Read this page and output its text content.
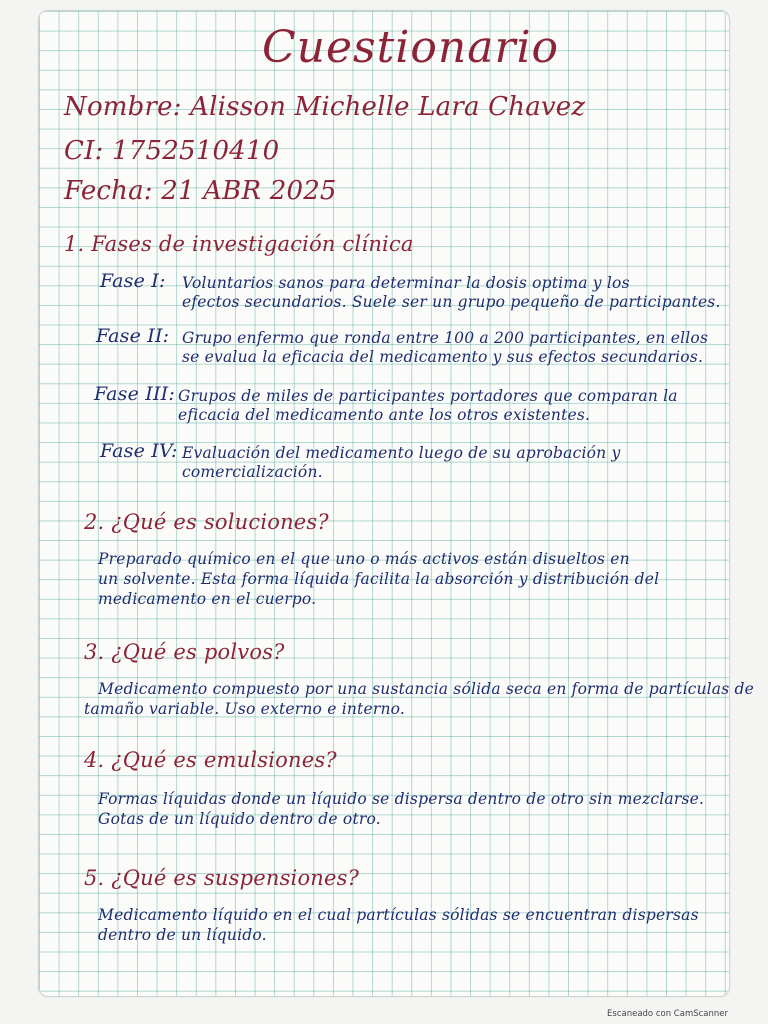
Cuestionario

Nombre: Alisson Michelle Lara Chavez

CI: 1752510410

Fecha: 21 ABR 2025

1. Fases de investigación clínica

Fase I: Voluntarios sanos para determinar la dosis optima y los

efectos secundarios. Suele ser un grupo pequeño de participantes.

Fase II: Grupo enfermo que ronda entre 100 a 200 participantes, en ellos

se evalua la eficacia del medicamento y sus efectos secundarios.

Fase III: Grupos de miles de participantes portadores que comparan la

eficacia del medicamento ante los otros existentes.

Fase IV: Evaluación del medicamento luego de su aprobación y

comercialización.

2. ¿Qué es soluciones?

Preparado químico en el que uno o más activos están disueltos en

un solvente. Esta forma líquida facilita la absorción y distribución del

medicamento en el cuerpo.

3. ¿Qué es polvos?

Medicamento compuesto por una sustancia sólida seca en forma de partículas de

tamaño variable. Uso externo e interno.

4. ¿Qué es emulsiones?

Formas líquidas donde un líquido se dispersa dentro de otro sin mezclarse.

Gotas de un líquido dentro de otro.

5. ¿Qué es suspensiones?

Medicamento líquido en el cual partículas sólidas se encuentran dispersas

dentro de un líquido.

Escaneado con CamScanner
